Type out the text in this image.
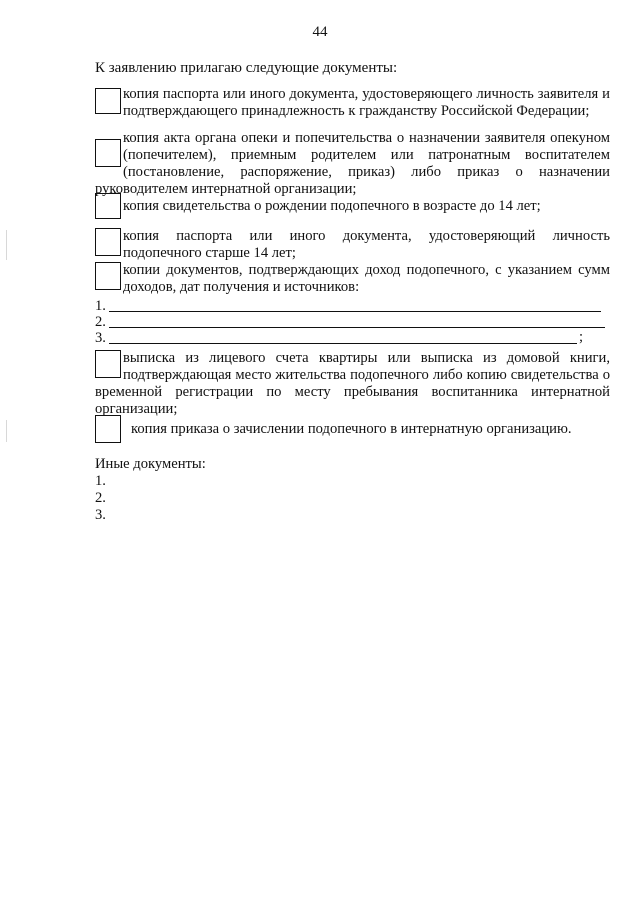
44
К заявлению прилагаю следующие документы:
копия паспорта или иного документа, удостоверяющего личность заявителя и подтверждающего принадлежность к гражданству Российской Федерации;
копия акта органа опеки и попечительства о назначении заявителя опекуном (попечителем), приемным родителем или патронатным воспитателем (постановление, распоряжение, приказ) либо приказ о назначении руководителем интернатной организации;
копия свидетельства о рождении подопечного в возрасте до 14 лет;
копия паспорта или иного документа, удостоверяющий личность подопечного старше 14 лет;
копии документов, подтверждающих доход подопечного, с указанием сумм доходов, дат получения и источников:
1.
2.
3.	;
выписка из лицевого счета квартиры или выписка из домовой книги, подтверждающая место жительства подопечного либо копию свидетельства о временной регистрации по месту пребывания воспитанника интернатной организации;
копия приказа о зачислении подопечного в интернатную организацию.
Иные документы:
1.
2.
3.
